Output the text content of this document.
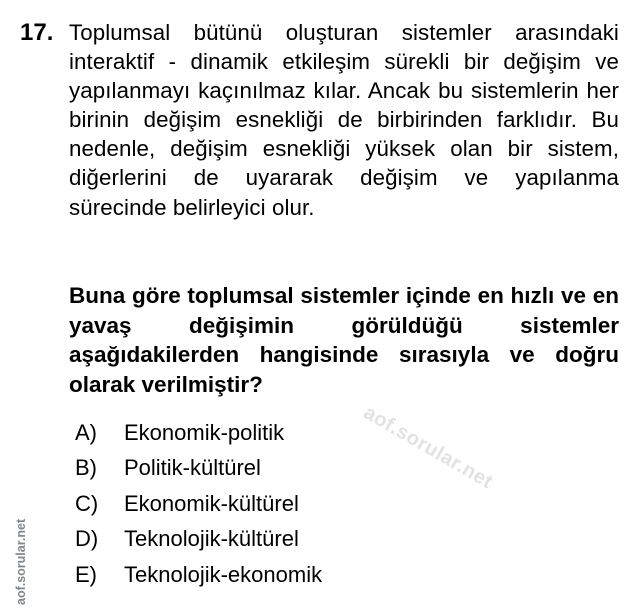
17. Toplumsal bütünü oluşturan sistemler arasındaki interaktif - dinamik etkileşim sürekli bir değişim ve yapılanmayı kaçınılmaz kılar. Ancak bu sistemlerin her birinin değişim esnekliği de birbirinden farklıdır. Bu nedenle, değişim esnekliği yüksek olan bir sistem, diğerlerini de uyararak değişim ve yapılanma sürecinde belirleyici olur.

Buna göre toplumsal sistemler içinde en hızlı ve en yavaş değişimin görüldüğü sistemler aşağıdakilerden hangisinde sırasıyla ve doğru olarak verilmiştir?

A) Ekonomik-politik
B) Politik-kültürel
C) Ekonomik-kültürel
D) Teknolojik-kültürel
E) Teknolojik-ekonomik
aof.sorular.net
aof.sorular.net
